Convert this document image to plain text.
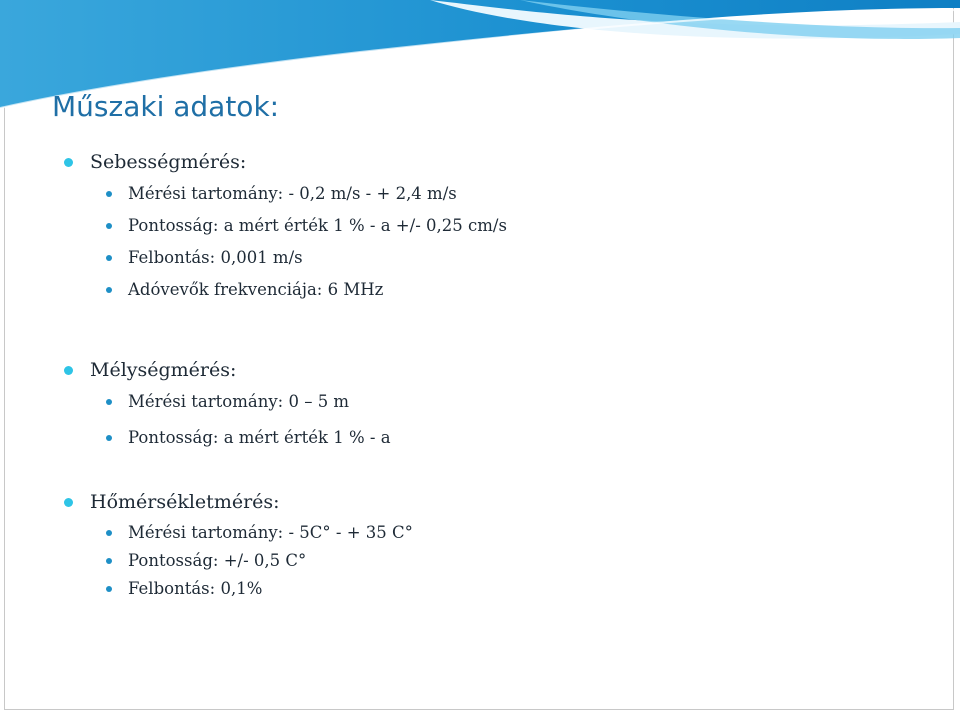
Műszaki adatok:
Sebességmérés:
Mérési tartomány: - 0,2 m/s - + 2,4 m/s
Pontosság: a mért érték 1 % - a +/- 0,25 cm/s
Felbontás: 0,001 m/s
Adóvevők frekvenciája: 6 MHz
Mélységmérés:
Mérési tartomány: 0 – 5 m
Pontosság: a mért érték 1 % - a
Hőmérsékletmérés:
Mérési tartomány: - 5C° - + 35 C°
Pontosság: +/- 0,5 C°
Felbontás: 0,1%
